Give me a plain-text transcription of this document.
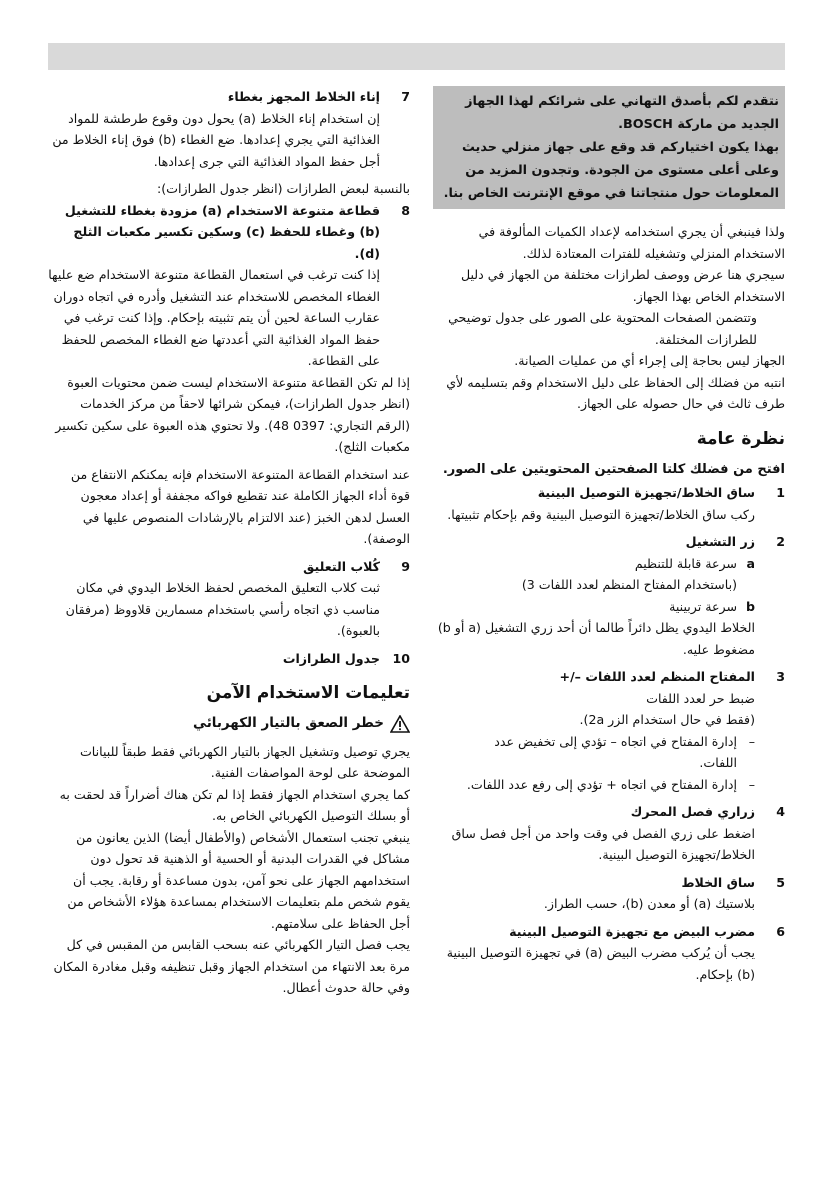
نتقدم لكم بأصدق التهاني على شرائكم لهذا الجهاز

الجديد من ماركة BOSCH.

بهذا يكون اختياركم قد وقع على جهاز منزلي حديث

وعلى أعلى مستوى من الجودة. وتجدون المزيد من

المعلومات حول منتجاتنا في موقع الإنترنت الخاص بنا.

ولذا فينبغي أن يجري استخدامه لإعداد الكميات المألوفة في الاستخدام المنزلي وتشغيله للفترات المعتادة لذلك.

سيجري هنا عرض ووصف لطرازات مختلفة من الجهاز في دليل الاستخدام الخاص بهذا الجهاز.

وتتضمن الصفحات المحتوية على الصور على جدول توضيحي للطرازات المختلفة.

الجهاز ليس بحاجة إلى إجراء أي من عمليات الصيانة.

انتبه من فضلك إلى الحفاظ على دليل الاستخدام وقم بتسليمه لأي طرف ثالث في حال حصوله على الجهاز.

نظرة عامة

افتح من فضلك كلتا الصفحتين المحتويتين على الصور.

1
ساق الخلاط/تجهيزة التوصيل البينية

ركب ساق الخلاط/تجهيزة التوصيل البينية وقم بإحكام تثبيتها.

2
زر التشغيل
a
سرعة قابلة للتنظيم
(باستخدام المفتاح المنظم لعدد اللفات 3)
b
سرعة تربينية

الخلاط اليدوي يظل دائراً طالما أن أحد زري التشغيل (a أو b) مضغوط عليه.

3
المفتاح المنظم لعدد اللفات –/+

ضبط حر لعدد اللفات

(فقط في حال استخدام الزر 2a).

–
إدارة المفتاح في اتجاه – تؤدي إلى تخفيض عدد اللفات.
–
إدارة المفتاح في اتجاه + تؤدي إلى رفع عدد اللفات.
4
زراري فصل المحرك

اضغط على زري الفصل في وقت واحد من أجل فصل ساق الخلاط/تجهيزة التوصيل البينية.

5
ساق الخلاط

بلاستيك (a) أو معدن (b)، حسب الطراز.

6
مضرب البيض مع تجهيزة التوصيل البينية

يجب أن يُركب مضرب البيض (a) في تجهيزة التوصيل البينية (b) بإحكام.

7
إناء الخلاط المجهز بغطاء

إن استخدام إناء الخلاط (a) يحول دون وقوع طرطشة للمواد الغذائية التي يجري إعدادها. ضع الغطاء (b) فوق إناء الخلاط من أجل حفظ المواد الغذائية التي جرى إعدادها.

بالنسبة لبعض الطرازات (انظر جدول الطرازات):

8
قطاعة متنوعة الاستخدام (a) مزودة بغطاء للتشغيل (b) وغطاء للحفظ (c) وسكين تكسير مكعبات الثلج (d).

إذا كنت ترغب في استعمال القطاعة متنوعة الاستخدام ضع عليها الغطاء المخصص للاستخدام عند التشغيل وأدره في اتجاه دوران عقارب الساعة لحين أن يتم تثبيته بإحكام. وإذا كنت ترغب في حفظ المواد الغذائية التي أعددتها ضع الغطاء المخصص للحفظ على القطاعة.

إذا لم تكن القطاعة متنوعة الاستخدام ليست ضمن محتويات العبوة (انظر جدول الطرازات)، فيمكن شرائها لاحقاً من مركز الخدمات (الرقم التجاري: 0397 48). ولا تحتوي هذه العبوة على سكين تكسير مكعبات الثلج).

عند استخدام القطاعة المتنوعة الاستخدام فإنه يمكنكم الانتفاع من قوة أداء الجهاز الكاملة عند تقطيع فواكه مجففة أو إعداد معجون العسل لدهن الخبز (عند الالتزام بالإرشادات المنصوص عليها في الوصفة).

9
كُلاب التعليق

ثبت كلاب التعليق المخصص لحفظ الخلاط اليدوي في مكان مناسب ذي اتجاه رأسي باستخدام مسمارين قلاووظ (مرفقان بالعبوة).

10
جدول الطرازات
تعليمات الاستخدام الآمن
خطر الصعق بالتيار الكهربائي

يجري توصيل وتشغيل الجهاز بالتيار الكهربائي فقط طبقاً للبيانات الموضحة على لوحة المواصفات الفنية.

كما يجري استخدام الجهاز فقط إذا لم تكن هناك أضراراً قد لحقت به أو بسلك التوصيل الكهربائي الخاص به.

ينبغي تجنب استعمال الأشخاص (والأطفال أيضا) الذين يعانون من مشاكل في القدرات البدنية أو الحسية أو الذهنية قد تحول دون استخدامهم الجهاز على نحو آمن، بدون مساعدة أو رقابة. يجب أن يقوم شخص ملم بتعليمات الاستخدام بمساعدة هؤلاء الأشخاص من أجل الحفاظ على سلامتهم.

يجب فصل التيار الكهربائي عنه بسحب القابس من المقبس في كل مرة بعد الانتهاء من استخدام الجهاز وقبل تنظيفه وقبل مغادرة المكان وفي حالة حدوث أعطال.
